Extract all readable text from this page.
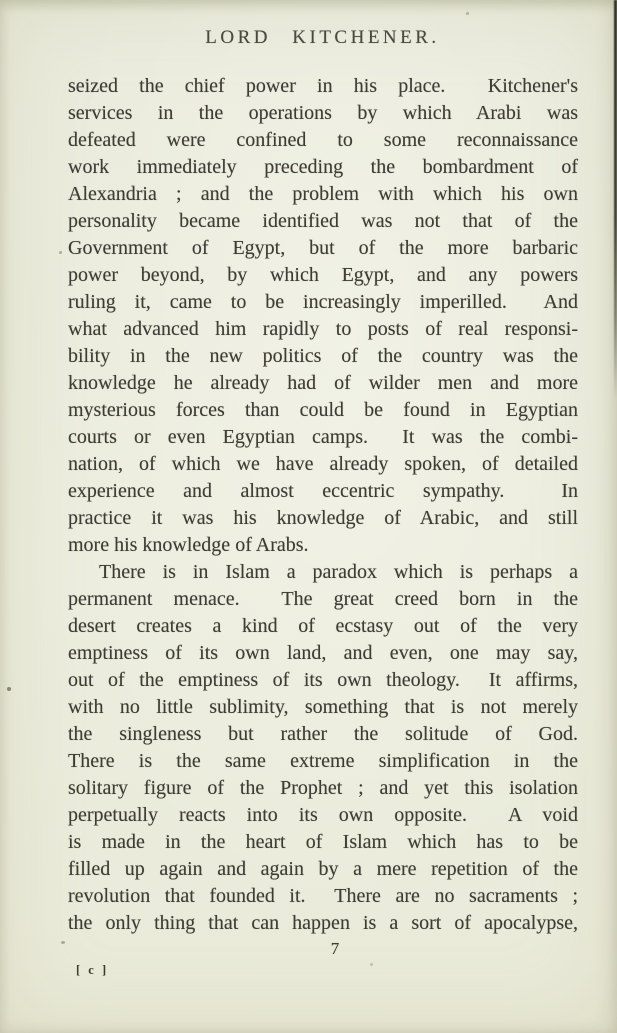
LORD KITCHENER.
seized the chief power in his place.  Kitchener's
services in the operations by which Arabi was
defeated were confined to some reconnaissance
work immediately preceding the bombardment of
Alexandria ; and the problem with which his own
personality became identified was not that of the
Government of Egypt, but of the more barbaric
power beyond, by which Egypt, and any powers
ruling it, came to be increasingly imperilled.  And
what advanced him rapidly to posts of real responsi-
bility in the new politics of the country was the
knowledge he already had of wilder men and more
mysterious forces than could be found in Egyptian
courts or even Egyptian camps.  It was the combi-
nation, of which we have already spoken, of detailed
experience and almost eccentric sympathy.  In
practice it was his knowledge of Arabic, and still
more his knowledge of Arabs.
There is in Islam a paradox which is perhaps a
permanent menace.  The great creed born in the
desert creates a kind of ecstasy out of the very
emptiness of its own land, and even, one may say,
out of the emptiness of its own theology.  It affirms,
with no little sublimity, something that is not merely
the singleness but rather the solitude of God.
There is the same extreme simplification in the
solitary figure of the Prophet ; and yet this isolation
perpetually reacts into its own opposite.  A void
is made in the heart of Islam which has to be
filled up again and again by a mere repetition of the
revolution that founded it.  There are no sacraments ;
the only thing that can happen is a sort of apocalypse,
7
[ c ]
